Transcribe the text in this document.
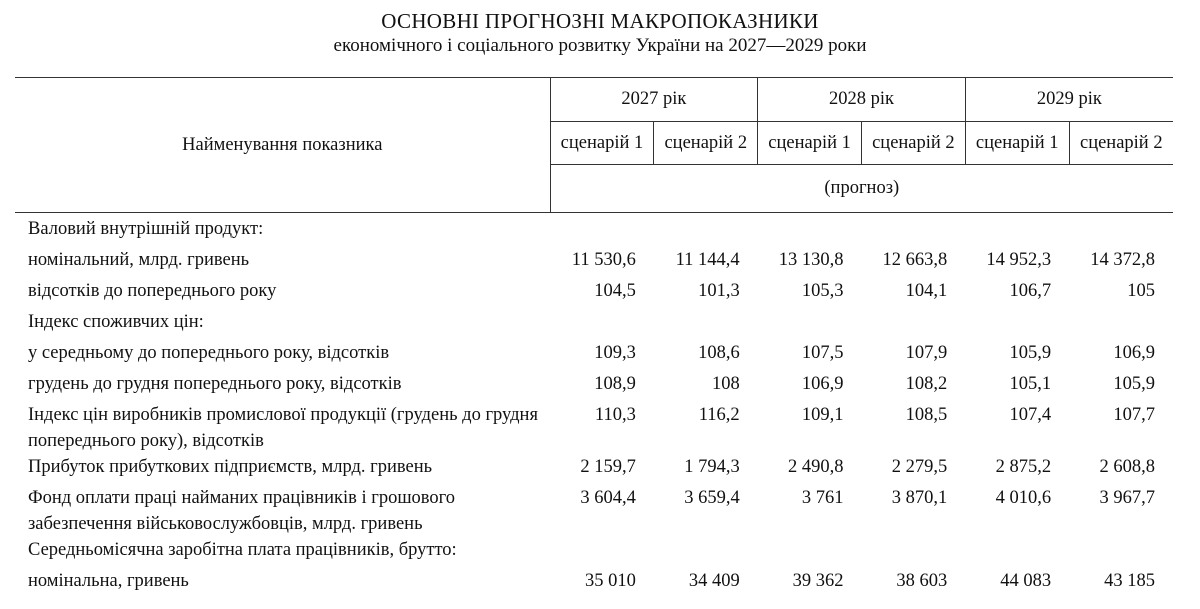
ОСНОВНІ ПРОГНОЗНІ МАКРОПОКАЗНИКИ
економічного і соціального розвитку України на 2027—2029 роки
Найменування показника	2027 рік		2028 рік		2029 рік	
	сценарій 1	сценарій 2	сценарій 1	сценарій 2	сценарій 1	сценарій 2
	(прогноз)					
Валовий внутрішній продукт:						
номінальний, млрд. гривень	11 530,6	11 144,4	13 130,8	12 663,8	14 952,3	14 372,8
відсотків до попереднього року	104,5	101,3	105,3	104,1	106,7	105
Індекс споживчих цін:						
у середньому до попереднього року, відсотків	109,3	108,6	107,5	107,9	105,9	106,9
грудень до грудня попереднього року, відсотків	108,9	108	106,9	108,2	105,1	105,9
Індекс цін виробників промислової продукції (грудень до грудня попереднього року), відсотків	110,3	116,2	109,1	108,5	107,4	107,7
Прибуток прибуткових підприємств, млрд. гривень	2 159,7	1 794,3	2 490,8	2 279,5	2 875,2	2 608,8
Фонд оплати праці найманих працівників і грошового забезпечення військовослужбовців, млрд. гривень	3 604,4	3 659,4	3 761	3 870,1	4 010,6	3 967,7
Середньомісячна заробітна плата працівників, брутто:						
номінальна, гривень	35 010	34 409	39 362	38 603	44 083	43 185
